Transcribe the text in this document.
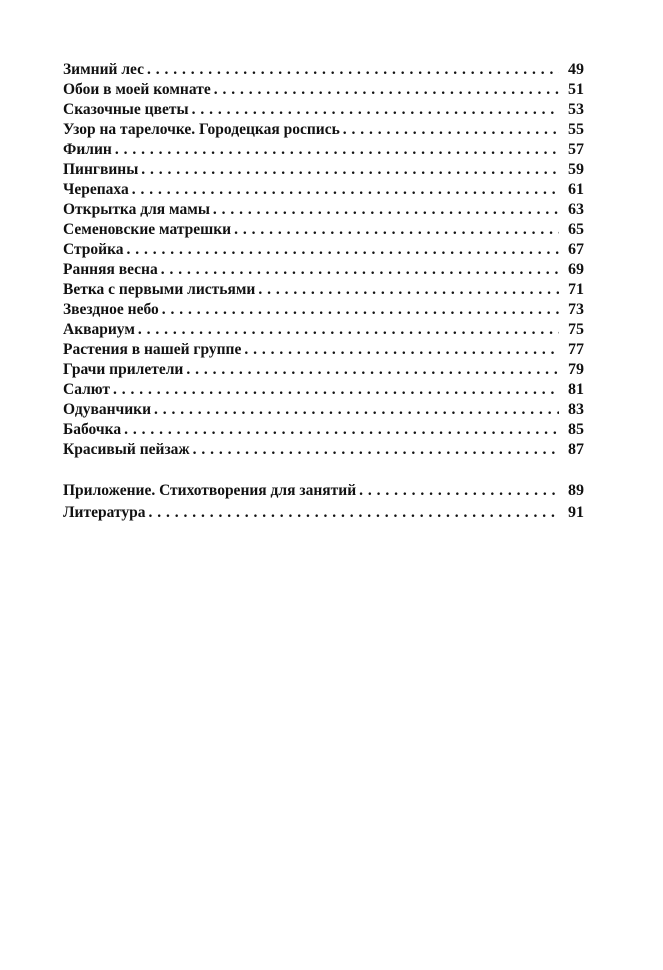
Зимний лес . . .	49
Обои в моей комнате . . .	51
Сказочные цветы . . .	53
Узор на тарелочке. Городецкая роспись . . .	55
Филин . . .	57
Пингвины . . .	59
Черепаха . . .	61
Открытка для мамы . . .	63
Семеновские матрешки . . .	65
Стройка . . .	67
Ранняя весна . . .	69
Ветка с первыми листьями . . .	71
Звездное небо . . .	73
Аквариум . . .	75
Растения в нашей группе . . .	77
Грачи прилетели . . .	79
Салют . . .	81
Одуванчики . . .	83
Бабочка . . .	85
Красивый пейзаж . . .	87
Приложение. Стихотворения для занятий . . .	89
Литература . . .	91
